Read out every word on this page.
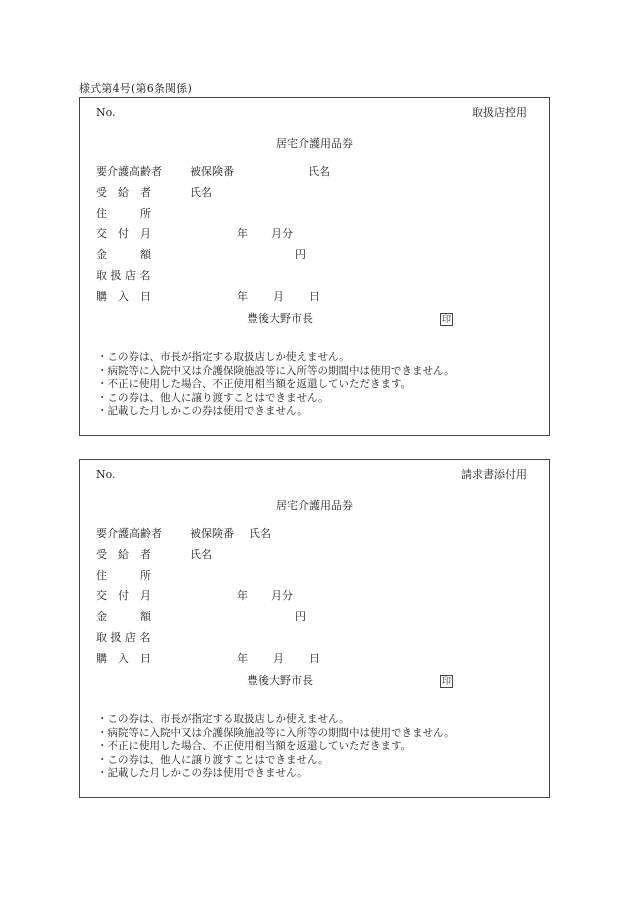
様式第4号(第6条関係)
No.	取扱店控用
居宅介護用品券
要介護高齢者	被保険番	氏名
受　給　者	氏名
住　　　所
交　付　月	年 月分
金　　　額	円
取 扱 店 名
購　入　日	年 月 日
豊後大野市長	印
・この券は、市長が指定する取扱店しか使えません。
・病院等に入院中又は介護保険施設等に入所等の期間中は使用できません。
・不正に使用した場合、不正使用相当額を返還していただきます。
・この券は、他人に譲り渡すことはできません。
・記載した月しかこの券は使用できません。
No.	請求書添付用
居宅介護用品券
要介護高齢者	被保険番 氏名
受　給　者	氏名
住　　　所
交　付　月	年 月分
金　　　額	円
取 扱 店 名
購　入　日	年 月 日
豊後大野市長	印
・この券は、市長が指定する取扱店しか使えません。
・病院等に入院中又は介護保険施設等に入所等の期間中は使用できません。
・不正に使用した場合、不正使用相当額を返還していただきます。
・この券は、他人に譲り渡すことはできません。
・記載した月しかこの券は使用できません。
